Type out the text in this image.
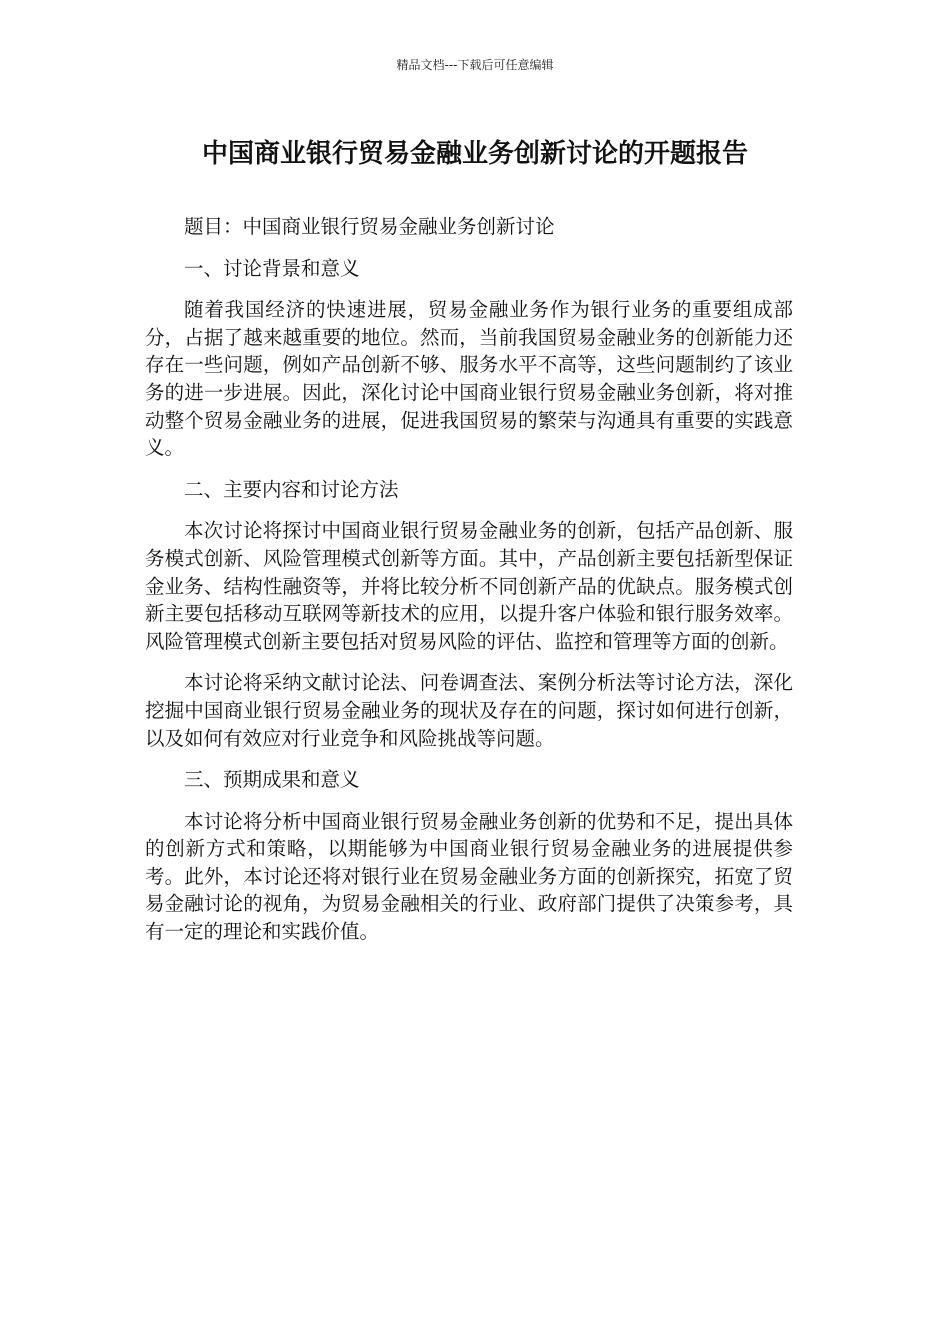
精品文档---下载后可任意编辑
中国商业银行贸易金融业务创新讨论的开题报告

题目：中国商业银行贸易金融业务创新讨论

一、讨论背景和意义

随着我国经济的快速进展，贸易金融业务作为银行业务的重要组成部分，占据了越来越重要的地位。然而，当前我国贸易金融业务的创新能力还存在一些问题，例如产品创新不够、服务水平不高等，这些问题制约了该业务的进一步进展。因此，深化讨论中国商业银行贸易金融业务创新，将对推动整个贸易金融业务的进展，促进我国贸易的繁荣与沟通具有重要的实践意义。

二、主要内容和讨论方法

本次讨论将探讨中国商业银行贸易金融业务的创新，包括产品创新、服务模式创新、风险管理模式创新等方面。其中，产品创新主要包括新型保证金业务、结构性融资等，并将比较分析不同创新产品的优缺点。服务模式创新主要包括移动互联网等新技术的应用，以提升客户体验和银行服务效率。风险管理模式创新主要包括对贸易风险的评估、监控和管理等方面的创新。

本讨论将采纳文献讨论法、问卷调查法、案例分析法等讨论方法，深化挖掘中国商业银行贸易金融业务的现状及存在的问题，探讨如何进行创新，以及如何有效应对行业竞争和风险挑战等问题。

三、预期成果和意义

本讨论将分析中国商业银行贸易金融业务创新的优势和不足，提出具体的创新方式和策略，以期能够为中国商业银行贸易金融业务的进展提供参考。此外，本讨论还将对银行业在贸易金融业务方面的创新探究，拓宽了贸易金融讨论的视角，为贸易金融相关的行业、政府部门提供了决策参考，具有一定的理论和实践价值。
